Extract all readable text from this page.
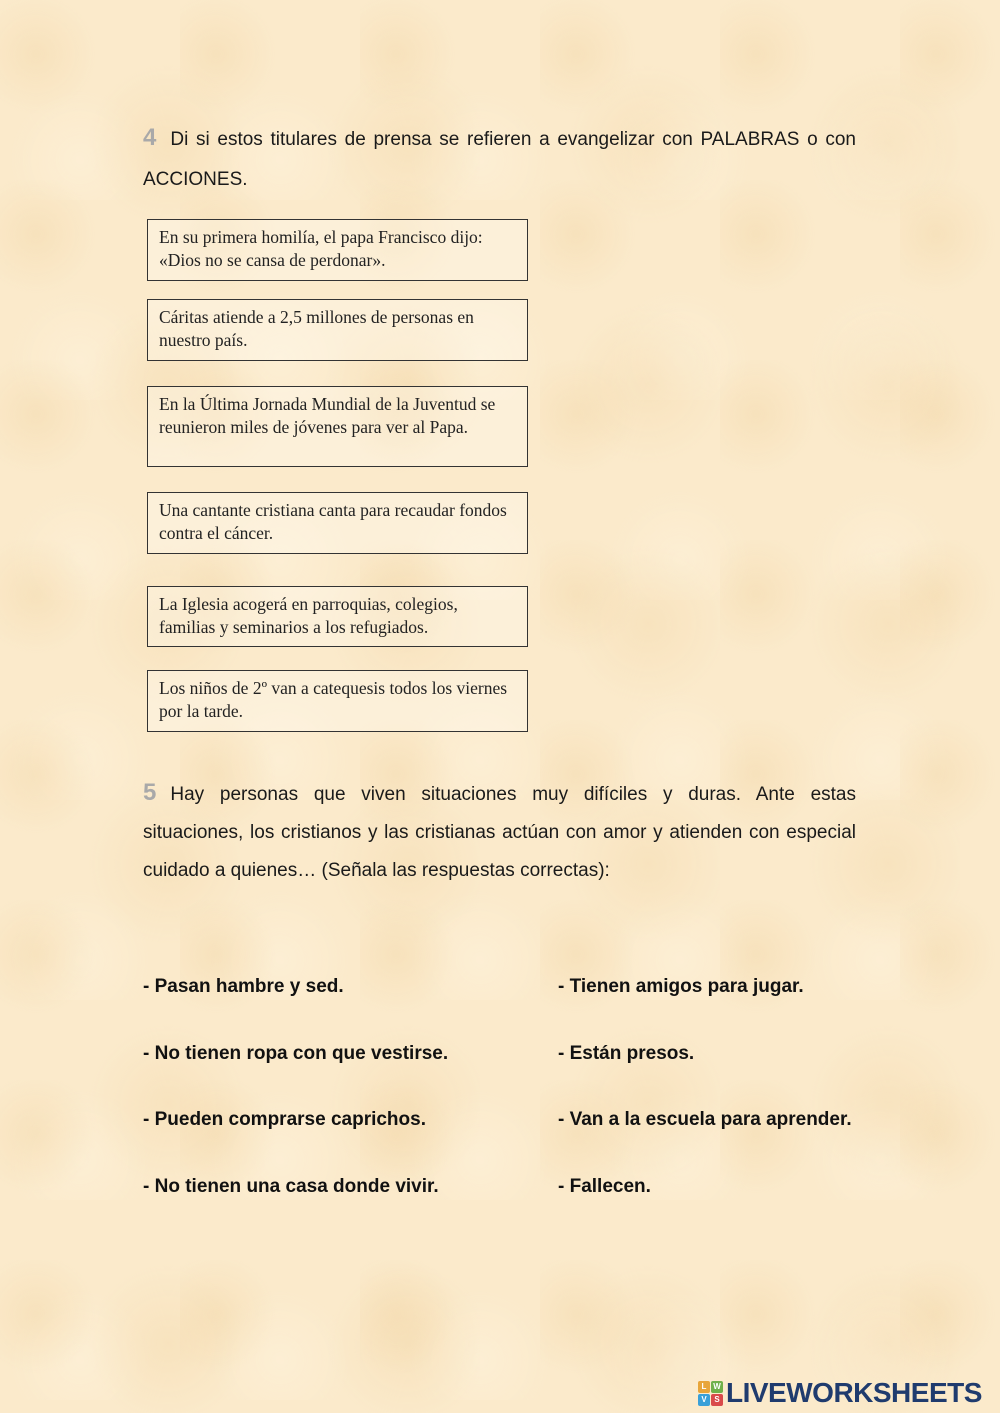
4 Di si estos titulares de prensa se refieren a evangelizar con PALABRAS o con ACCIONES.

En su primera homilía, el papa Francisco dijo: «Dios no se cansa de perdonar».
Cáritas atiende a 2,5 millones de personas en nuestro país.
En la Última Jornada Mundial de la Juventud se reunieron miles de jóvenes para ver al Papa.
Una cantante cristiana canta para recaudar fondos contra el cáncer.
La Iglesia acogerá en parroquias, colegios, familias y seminarios a los refugiados.
Los niños de 2º van a catequesis todos los viernes por la tarde.

5 Hay personas que viven situaciones muy difíciles y duras. Ante estas situaciones, los cristianos y las cristianas actúan con amor y atienden con especial cuidado a quienes… (Señala las respuestas correctas):

- Pasan hambre y sed.
- No tienen ropa con que vestirse.
- Pueden comprarse caprichos.
- No tienen una casa donde vivir.
- Tienen amigos para jugar.
- Están presos.
- Van a la escuela para aprender.
- Fallecen.
L W
V S LIVEWORKSHEETS
